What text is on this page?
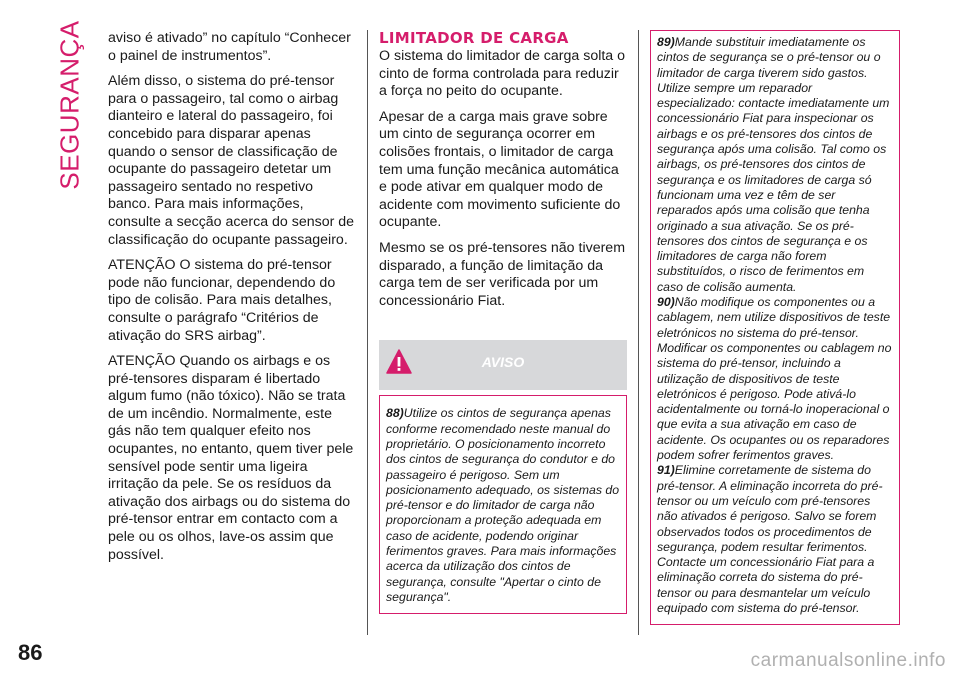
SEGURANÇA aviso é ativado” no capítulo “Conhecer o painel de instrumentos”.

Além disso, o sistema do pré-tensor para o passageiro, tal como o airbag dianteiro e lateral do passageiro, foi concebido para disparar apenas quando o sensor de classificação de ocupante do passageiro detetar um passageiro sentado no respetivo banco. Para mais informações, consulte a secção acerca do sensor de classificação do ocupante passageiro.

ATENÇÃO O sistema do pré-tensor pode não funcionar, dependendo do tipo de colisão. Para mais detalhes, consulte o parágrafo “Critérios de ativação do SRS airbag”.

ATENÇÃO Quando os airbags e os pré-tensores disparam é libertado algum fumo (não tóxico). Não se trata de um incêndio. Normalmente, este gás não tem qualquer efeito nos ocupantes, no entanto, quem tiver pele sensível pode sentir uma ligeira irritação da pele. Se os resíduos da ativação dos airbags ou do sistema do pré-tensor entrar em contacto com a pele ou os olhos, lave-os assim que possível.

LIMITADOR DE CARGA

O sistema do limitador de carga solta o cinto de forma controlada para reduzir a força no peito do ocupante.

Apesar de a carga mais grave sobre um cinto de segurança ocorrer em colisões frontais, o limitador de carga tem uma função mecânica automática e pode ativar em qualquer modo de acidente com movimento suficiente do ocupante.

Mesmo se os pré-tensores não tiverem disparado, a função de limitação da carga tem de ser verificada por um concessionário Fiat.

AVISO

88)Utilize os cintos de segurança apenas conforme recomendado neste manual do proprietário. O posicionamento incorreto dos cintos de segurança do condutor e do passageiro é perigoso. Sem um posicionamento adequado, os sistemas do pré-tensor e do limitador de carga não proporcionam a proteção adequada em caso de acidente, podendo originar ferimentos graves. Para mais informações acerca da utilização dos cintos de segurança, consulte "Apertar o cinto de segurança".

89)Mande substituir imediatamente os cintos de segurança se o pré-tensor ou o limitador de carga tiverem sido gastos. Utilize sempre um reparador especializado: contacte imediatamente um concessionário Fiat para inspecionar os airbags e os pré-tensores dos cintos de segurança após uma colisão. Tal como os airbags, os pré-tensores dos cintos de segurança e os limitadores de carga só funcionam uma vez e têm de ser reparados após uma colisão que tenha originado a sua ativação. Se os pré-tensores dos cintos de segurança e os limitadores de carga não forem substituídos, o risco de ferimentos em caso de colisão aumenta.

90)Não modifique os componentes ou a cablagem, nem utilize dispositivos de teste eletrónicos no sistema do pré-tensor. Modificar os componentes ou cablagem no sistema do pré-tensor, incluindo a utilização de dispositivos de teste eletrónicos é perigoso. Pode ativá-lo acidentalmente ou torná-lo inoperacional o que evita a sua ativação em caso de acidente. Os ocupantes ou os reparadores podem sofrer ferimentos graves.

91)Elimine corretamente de sistema do pré-tensor. A eliminação incorreta do pré-tensor ou um veículo com pré-tensores não ativados é perigoso. Salvo se forem observados todos os procedimentos de segurança, podem resultar ferimentos. Contacte um concessionário Fiat para a eliminação correta do sistema do pré-tensor ou para desmantelar um veículo equipado com sistema do pré-tensor.

86	carmanualsonline.info
